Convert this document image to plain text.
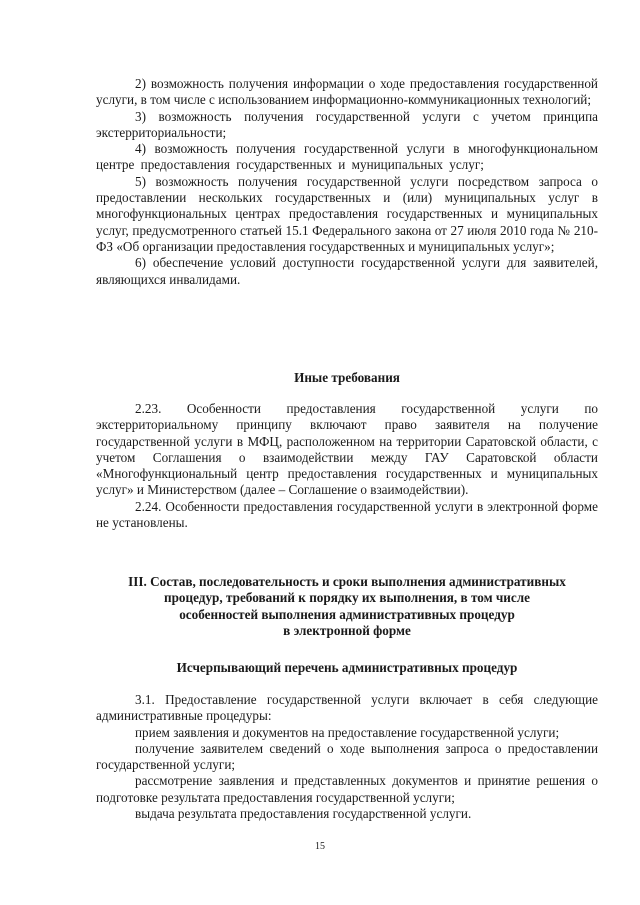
2) возможность получения информации о ходе предоставления государственной услуги, в том числе с использованием информационно-коммуникационных технологий;

3) возможность получения государственной услуги с учетом принципа экстерриториальности;

4) возможность получения государственной услуги в многофункциональном центре предоставления государственных и муниципальных услуг;

5) возможность получения государственной услуги посредством запроса о предоставлении нескольких государственных и (или) муниципальных услуг в многофункциональных центрах предоставления государственных и муниципальных услуг, предусмотренного статьей 15.1 Федерального закона от 27 июля 2010 года № 210-ФЗ «Об организации предоставления государственных и муниципальных услуг»;

6) обеспечение условий доступности государственной услуги для заявителей, являющихся инвалидами.

Иные требования

2.23. Особенности предоставления государственной услуги по экстерриториальному принципу включают право заявителя на получение государственной услуги в МФЦ, расположенном на территории Саратовской области, с учетом Соглашения о взаимодействии между ГАУ Саратовской области «Многофункциональный центр предоставления государственных и муниципальных услуг» и Министерством (далее – Соглашение о взаимодействии).

2.24. Особенности предоставления государственной услуги в электронной форме не установлены.

III. Состав, последовательность и сроки выполнения административных

процедур, требований к порядку их выполнения, в том числе

особенностей выполнения административных процедур

в электронной форме

Исчерпывающий перечень административных процедур

3.1. Предоставление государственной услуги включает в себя следующие административные процедуры:

прием заявления и документов на предоставление государственной услуги;

получение заявителем сведений о ходе выполнения запроса о предоставлении государственной услуги;

рассмотрение заявления и представленных документов и принятие решения о подготовке результата предоставления государственной услуги;

выдача результата предоставления государственной услуги.

15
